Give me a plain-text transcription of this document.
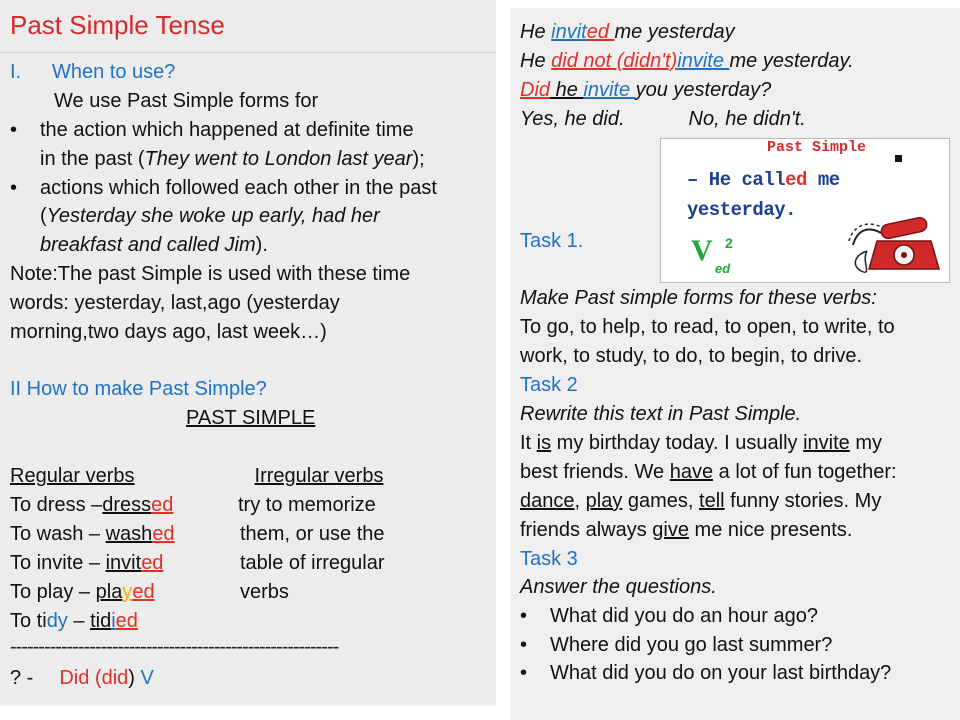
Past Simple Tense
I. When to use?
We use Past Simple forms for
• the action which happened at definite time
in the past (They went to London last year);
• actions which followed each other in the past
(Yesterday she woke up early, had her
breakfast and called Jim).
Note:The past Simple is used with these time
words: yesterday, last,ago (yesterday
morning,two days ago, last week…)
II How to make Past Simple?
PAST SIMPLE
Regular verbs	Irregular verbs
To dress –dressed
To wash – washed
To invite – invited
To play – played
To tidy – tidied
try to memorize
them, or use the
table of irregular
verbs
----------------------------------------------------------
? - Did (did) V
He invited me yesterday
He did not (didn't)invite me yesterday.
Did he invite you yesterday?
Yes, he did.	No, he didn't.
Past Simple
– He called me
yesterday.
V 2
ed
Task 1.
Make Past simple forms for these verbs:
To go, to help, to read, to open, to write, to
work, to study, to do, to begin, to drive.
Task 2
Rewrite this text in Past Simple.
It is my birthday today. I usually invite my
best friends. We have a lot of fun together:
dance, play games, tell funny stories. My
friends always give me nice presents.
Task 3
Answer the questions.
• What did you do an hour ago?
• Where did you go last summer?
• What did you do on your last birthday?
